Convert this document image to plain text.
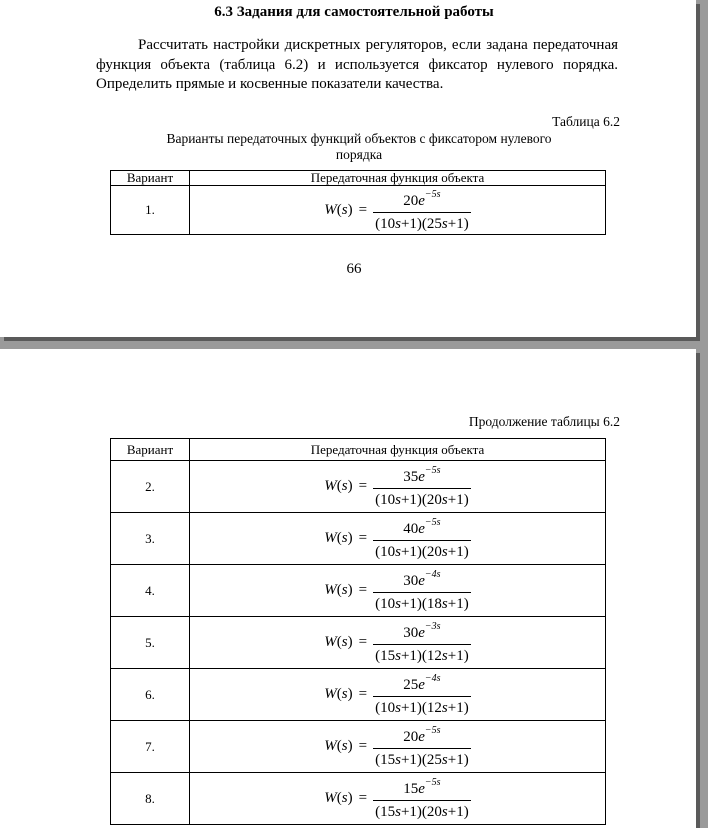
6.3 Задания для самостоятельной работы
Рассчитать настройки дискретных регуляторов, если задана передаточная функция объекта (таблица 6.2) и используется фиксатор нулевого порядка. Определить прямые и косвенные показатели качества.
Таблица 6.2
Варианты передаточных функций объектов с фиксатором нулевого порядка
Вариант	Передаточная функция объекта
1.	$W(s) = \frac{20e^{-5s}}{(10s+1)(25s+1)}$
66
Продолжение таблицы 6.2
Вариант	Передаточная функция объекта
2.	$W(s) = \frac{35e^{-5s}}{(10s+1)(20s+1)}$

3.	$W(s) = \frac{40e^{-5s}}{(10s+1)(20s+1)}$

4.	$W(s) = \frac{30e^{-4s}}{(10s+1)(18s+1)}$

5.	$W(s) = \frac{30e^{-3s}}{(15s+1)(12s+1)}$

6.	$W(s) = \frac{25e^{-4s}}{(10s+1)(12s+1)}$

7.	$W(s) = \frac{20e^{-5s}}{(15s+1)(25s+1)}$

8.	$W(s) = \frac{15e^{-5s}}{(15s+1)(20s+1)}$
